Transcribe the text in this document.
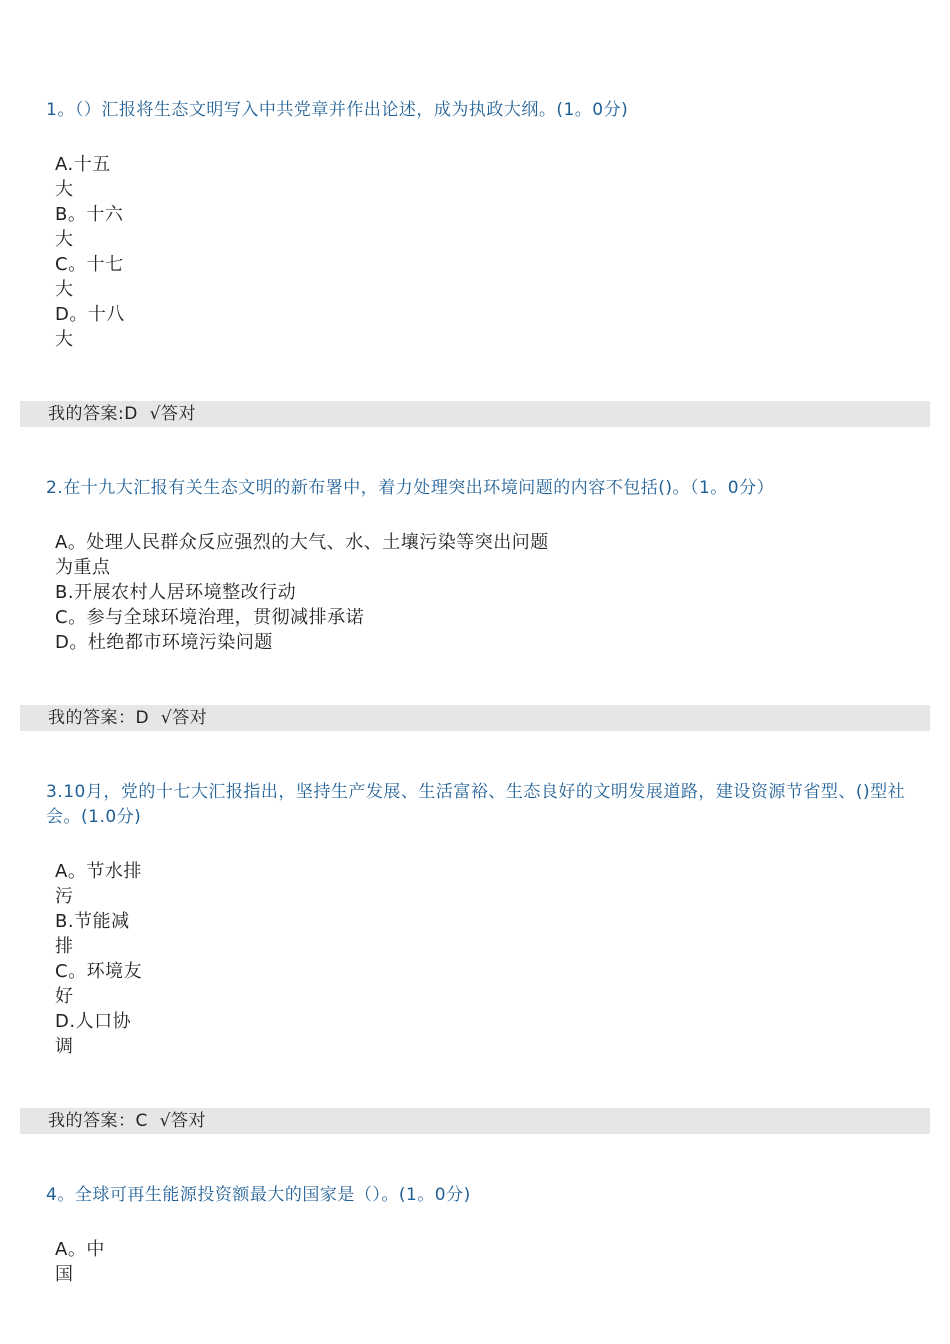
1。（）汇报将生态文明写入中共党章并作出论述，成为执政大纲。(1。0分)

A.十五
大
B。十六
大
C。十七
大
D。十八
大
我的答案:D  √答对

2.在十九大汇报有关生态文明的新布署中，着力处理突出环境问题的内容不包括()。（1。0分）

A。处理人民群众反应强烈的大气、水、土壤污染等突出问题
为重点
B.开展农村人居环境整改行动
C。参与全球环境治理，贯彻减排承诺
D。杜绝都市环境污染问题
我的答案：D  √答对

3.10月，党的十七大汇报指出，坚持生产发展、生活富裕、生态良好的文明发展道路，建设资源节省型、()型社会。(1.0分)

A。节水排
污
B.节能减
排
C。环境友
好
D.人口协
调
我的答案：C  √答对

4。全球可再生能源投资额最大的国家是（）。(1。0分)

A。中
国
